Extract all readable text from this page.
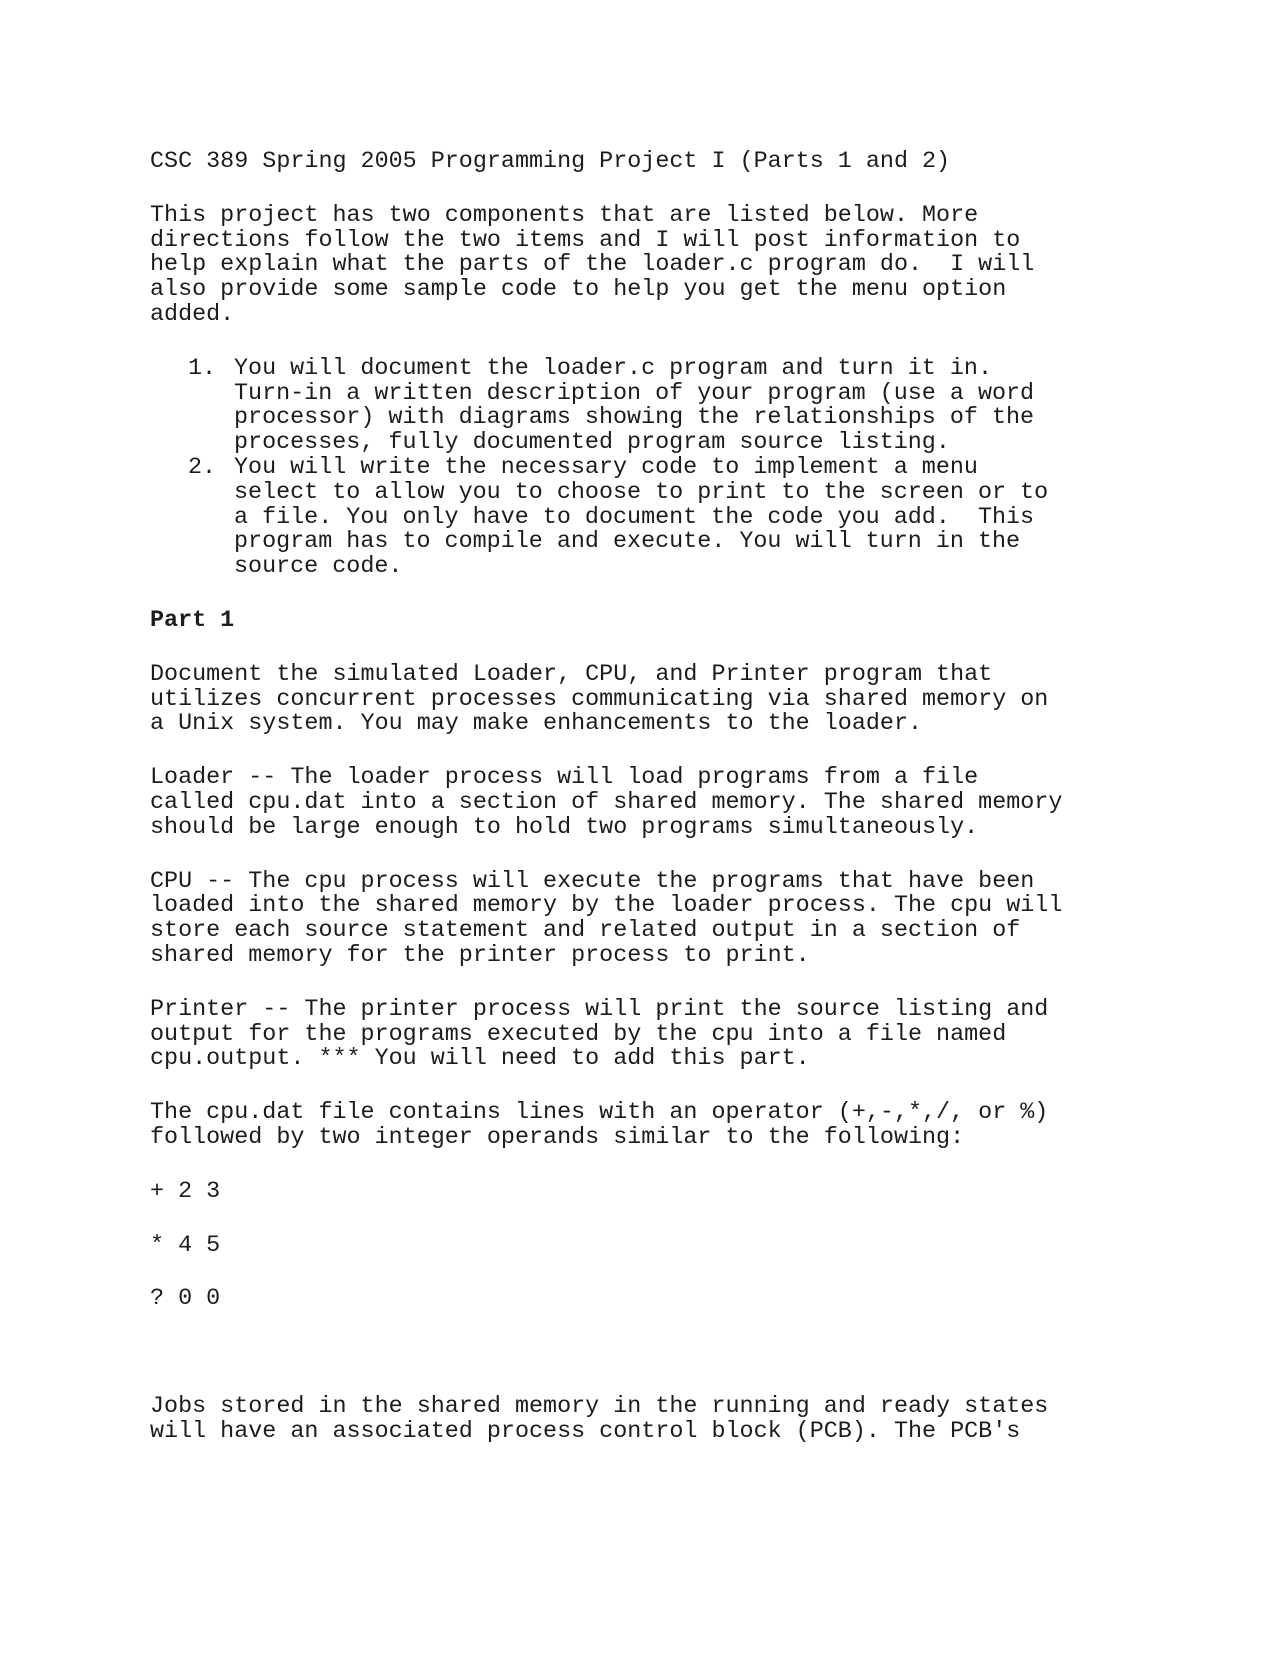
CSC 389 Spring 2005 Programming Project I (Parts 1 and 2)
This project has two components that are listed below. More
directions follow the two items and I will post information to
help explain what the parts of the loader.c program do.  I will
also provide some sample code to help you get the menu option
added.
1. You will document the loader.c program and turn it in.
Turn-in a written description of your program (use a word
processor) with diagrams showing the relationships of the
processes, fully documented program source listing.
2. You will write the necessary code to implement a menu
select to allow you to choose to print to the screen or to
a file. You only have to document the code you add.  This
program has to compile and execute. You will turn in the
source code.
Part 1
Document the simulated Loader, CPU, and Printer program that
utilizes concurrent processes communicating via shared memory on
a Unix system. You may make enhancements to the loader.
Loader -- The loader process will load programs from a file
called cpu.dat into a section of shared memory. The shared memory
should be large enough to hold two programs simultaneously.
CPU -- The cpu process will execute the programs that have been
loaded into the shared memory by the loader process. The cpu will
store each source statement and related output in a section of
shared memory for the printer process to print.
Printer -- The printer process will print the source listing and
output for the programs executed by the cpu into a file named
cpu.output. *** You will need to add this part.
The cpu.dat file contains lines with an operator (+,-,*,/, or %)
followed by two integer operands similar to the following:
+ 2 3
* 4 5
? 0 0
Jobs stored in the shared memory in the running and ready states
will have an associated process control block (PCB). The PCB's
